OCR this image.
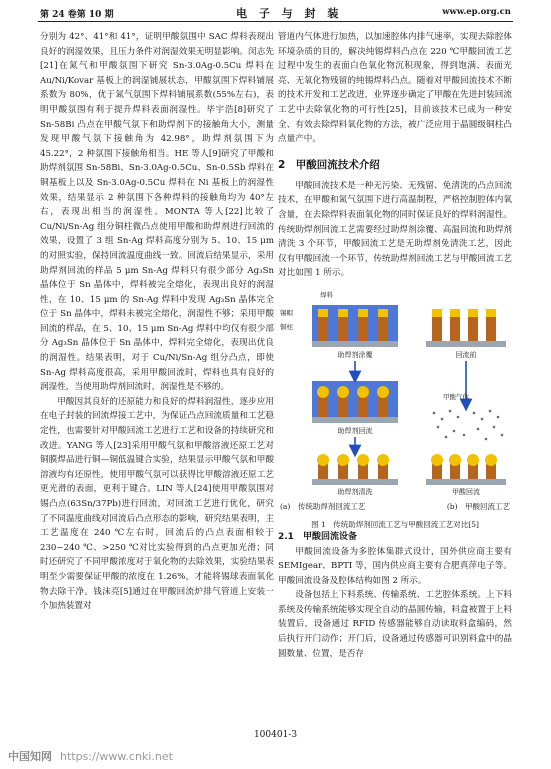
第 24 卷第 10 期	电 子 与 封 装	www.ep.org.cn

分别为 42°、41°和 41°，证明甲酸氛围中 SAC 焊料表现出良好的润湿效果，且压力条件对润湿效果无明显影响。闵志先[21]在氮气和甲酸氛围下研究 Sn-3.0Ag-0.5Cu 焊料在 Au/Ni/Kovar 基板上的润湿铺展状态，甲酸氛围下焊料铺展系数为 80%，优于氮气氛围下焊料铺展系数(55%左右)，表明甲酸氛围有利于提升焊料表面润湿性。毕宇浩[8]研究了 Sn-58Bi 凸点在甲酸气氛下和助焊剂下的接触角大小，测量发现甲酸气氛下接触角为 42.98°，助焊剂氛围下为 45.22°，2 种氛围下接触角相当。HE 等人[9]研究了甲酸和助焊剂氛围 Sn-58Bi、Sn-3.0Ag-0.5Cu、Sn-0.5Sb 焊料在铜基板上以及 Sn-3.0Ag-0.5Cu 焊料在 Ni 基板上的润湿性效果，结果显示 2 种氛围下各种焊料的接触角均为 40°左右，表现出相当的润湿性。MONTA 等人[22]比较了 Cu/Ni/Sn-Ag 组分铜柱微凸点使用甲酸和助焊剂进行回流的效果，设置了 3 组 Sn-Ag 焊料高度分别为 5、10、15 μm 的对照实验，保持回流温度曲线一致。回流后结果显示，采用助焊剂回流的样品 5 μm Sn-Ag 焊料只有很少部分 Ag₃Sn 晶体位于 Sn 晶体中，焊料被完全熔化，表现出良好的润湿性，在 10、15 μm 的 Sn-Ag 焊料中发现 Ag₃Sn 晶体完全位于 Sn 晶体中，焊料未被完全熔化，润湿性不够；采用甲酸回流的样品，在 5、10、15 μm Sn-Ag 焊料中均仅有很少部分 Ag₃Sn 晶体位于 Sn 晶体中，焊料完全熔化，表现出优良的润湿性。结果表明，对于 Cu/Ni/Sn-Ag 组分凸点，即使 Sn-Ag 焊料高度很高，采用甲酸回流时，焊料也具有良好的润湿性，当使用助焊剂回流时，润湿性是不够的。

甲酸因其良好的还原能力和良好的焊料润湿性，逐步应用在电子封装的回流焊接工艺中，为保证凸点回流质量和工艺稳定性，也需要针对甲酸回流工艺进行工艺和设备的持续研究和改进。YANG 等人[23]采用甲酸气氛和甲酸溶液还原工艺对铜膜焊品进行铜—铜低温键合实验，结果显示甲酸气氛和甲酸溶液均有还原性，使用甲酸气氛可以获得比甲酸溶液还原工艺更光滑的表面，更利于键合。LIN 等人[24]使用甲酸氛围对锡凸点(63Sn/37Pb)进行回流，对回流工艺进行优化，研究了不同温度曲线对回流后凸点形态的影响，研究结果表明，主工艺温度在 240 ℃左右时，回流后的凸点表面相较于 230~240 ℃、>250 ℃对比实验得到的凸点更加光滑；同时还研究了不同甲酸浓度对于氧化物的去除效果，实验结果表明至少需要保证甲酸的浓度在 1.26%，才能将锡球表面氧化物去除干净。钱沫亮[5]通过在甲酸回流炉排气管道上安装一个加热装置对

管道内气体进行加热，以加速腔体内排气速率，实现去除腔体环境杂质的目的，解决纯锡焊料凸点在 220 ℃甲酸回流工艺过程中发生的表面白色氧化物沉积现象，得到饱满、表面光亮、无氧化物残留的纯锡焊料凸点。随着对甲酸回流技术不断的技术开发和工艺改进，业界逐步确定了甲酸在先进封装回流工艺中去除氧化物的可行性[25]，目前该技术已成为一种安全、有效去除焊料氧化物的方法，被广泛应用于晶圆级铜柱凸点量产中。

2　甲酸回流技术介绍

甲酸回流技术是一种无污染、无残留、免清洗的凸点回流技术，在甲酸和氮气氛围下进行高温制程，严格控制腔体内氧含量，在去除焊料表面氧化物的同时保证良好的焊料润湿性。传统助焊剂回流工艺需要经过助焊剂涂覆、高温回流和助焊剂清洗 3 个环节，甲酸回流工艺是无助焊剂免清洗工艺，因此仅有甲酸回流一个环节，传统助焊剂回流工艺与甲酸回流工艺对比如图 1 所示。

焊料
锡帽
铜柱
助焊剂涂覆
助焊剂回流
助焊剂清洗
回流前
甲酸气体
甲酸回流
(a)　传统助焊剂回流工艺	(b)　甲酸回流工艺
图 1　传统助焊剂回流工艺与甲酸回流工艺对比[5]
2.1　甲酸回流设备

甲酸回流设备为多腔体集群式设计，国外供应商主要有 SEMIgear、BPTI 等，国内供应商主要有合肥真萍电子等。甲酸回流设备及腔体结构如图 2 所示。

设备包括上下料系统、传输系统、工艺腔体系统。上下料系统及传输系统能够实现全自动的晶圆传输，料盒被置于上料装置后，设备通过 RFID 传感器能够自动读取料盒编码，然后执行开门动作；开门后，设备通过传感器可识别料盒中的晶圆数量、位置，是否存

100401-3
中国知网 https://www.cnki.net
